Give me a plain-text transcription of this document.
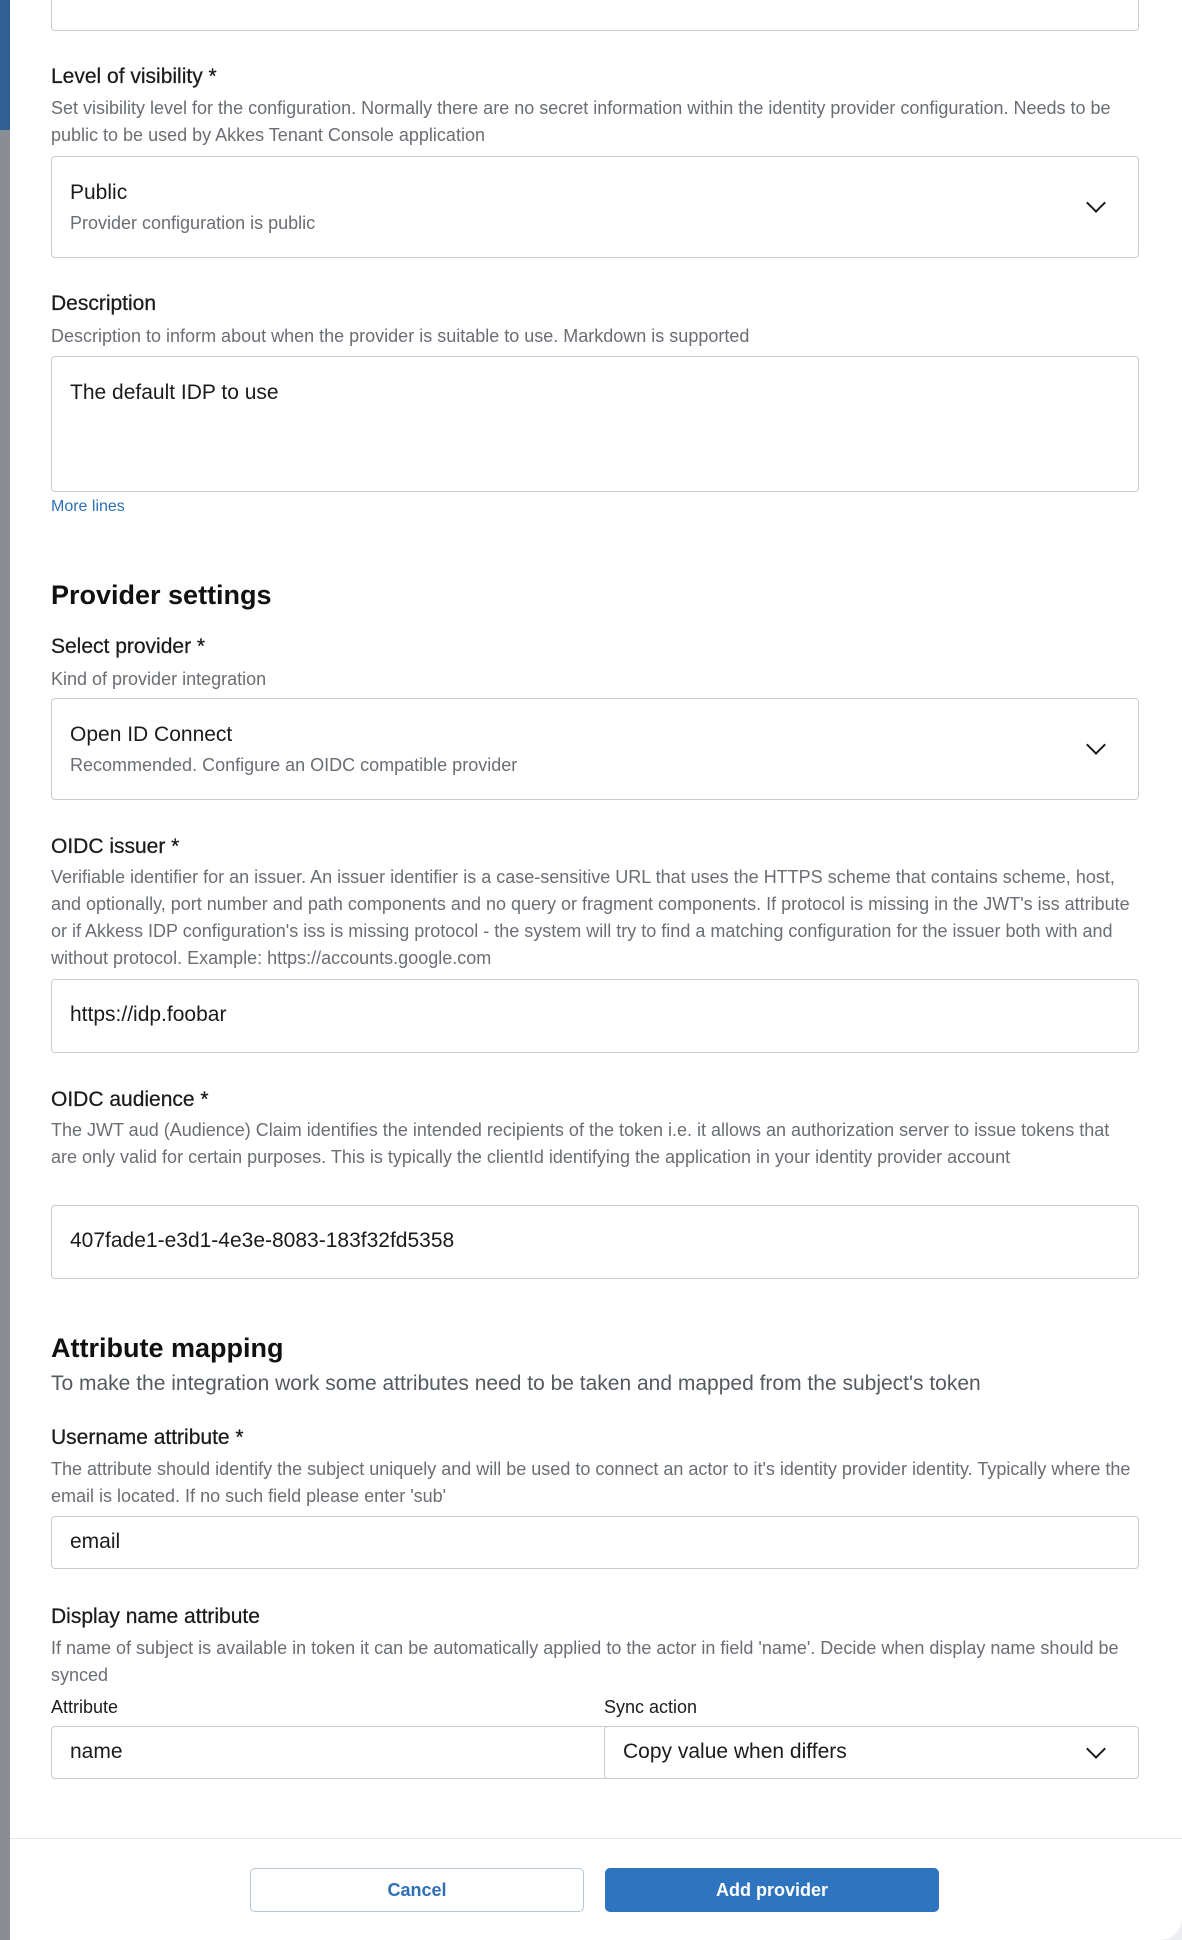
Level of visibility *
Set visibility level for the configuration. Normally there are no secret information within the identity provider configuration. Needs to be public to be used by Akkes Tenant Console application
Public
Provider configuration is public
Description
Description to inform about when the provider is suitable to use. Markdown is supported
The default IDP to use
More lines
Provider settings
Select provider *
Kind of provider integration
Open ID Connect
Recommended. Configure an OIDC compatible provider
OIDC issuer *
Verifiable identifier for an issuer. An issuer identifier is a case-sensitive URL that uses the HTTPS scheme that contains scheme, host, and optionally, port number and path components and no query or fragment components. If protocol is missing in the JWT's iss attribute or if Akkess IDP configuration's iss is missing protocol - the system will try to find a matching configuration for the issuer both with and without protocol. Example: https://accounts.google.com
https://idp.foobar
OIDC audience *
The JWT aud (Audience) Claim identifies the intended recipients of the token i.e. it allows an authorization server to issue tokens that are only valid for certain purposes. This is typically the clientId identifying the application in your identity provider account
407fade1-e3d1-4e3e-8083-183f32fd5358
Attribute mapping
To make the integration work some attributes need to be taken and mapped from the subject's token
Username attribute *
The attribute should identify the subject uniquely and will be used to connect an actor to it's identity provider identity. Typically where the email is located. If no such field please enter 'sub'
email
Display name attribute
If name of subject is available in token it can be automatically applied to the actor in field 'name'. Decide when display name should be synced
Attribute
name
Sync action
Copy value when differs
Cancel	Add provider
